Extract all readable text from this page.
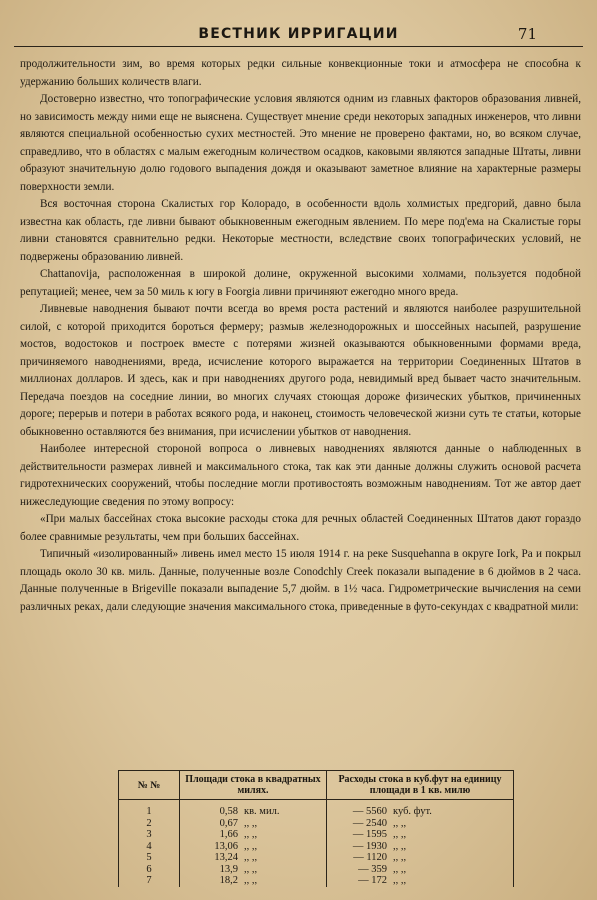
ВЕСТНИК ИРРИГАЦИИ	71

продолжительности зим, во время которых редки сильные конвекционные токи и атмосфера не способна к удержанию больших количеств влаги.

Достоверно известно, что топографические условия являются одним из главных факторов образования ливней, но зависимость между ними еще не выяснена. Существует мнение среди некоторых западных инженеров, что ливни являются специальной особенностью сухих местностей. Это мнение не проверено фактами, но, во всяком случае, справедливо, что в областях с малым ежегодным количеством осадков, каковыми являются западные Штаты, ливни образуют значительную долю годового выпадения дождя и оказывают заметное влияние на характерные размеры поверхности земли.

Вся восточная сторона Скалистых гор Колорадо, в особенности вдоль холмистых предгорий, давно была известна как область, где ливни бывают обыкновенным ежегодным явлением. По мере под'ема на Скалистые горы ливни становятся сравнительно редки. Некоторые местности, вследствие своих топографических условий, не подвержены образованию ливней.

Chattanovija, расположенная в широкой долине, окруженной высокими холмами, пользуется подобной репутацией; менее, чем за 50 миль к югу в Foorgia ливни причиняют ежегодно много вреда.

Ливневые наводнения бывают почти всегда во время роста растений и являются наиболее разрушительной силой, с которой приходится бороться фермеру; размыв железнодорожных и шоссейных насыпей, разрушение мостов, водостоков и построек вместе с потерями жизней оказываются обыкновенными формами вреда, причиняемого наводнениями, вреда, исчисление которого выражается на территории Соединенных Штатов в миллионах долларов. И здесь, как и при наводнениях другого рода, невидимый вред бывает часто значительным. Передача поездов на соседние линии, во многих случаях стоющая дороже физических убытков, причиненных дороге; перерыв и потери в работах всякого рода, и наконец, стоимость человеческой жизни суть те статьи, которые обыкновенно оставляются без внимания, при исчислении убытков от наводнения.

Наиболее интересной стороной вопроса о ливневых наводнениях являются данные о наблюденных в действительности размерах ливней и максимального стока, так как эти данные должны служить основой расчета гидротехнических сооружений, чтобы последние могли противостоять возможным наводнениям. Тот же автор дает нижеследующие сведения по этому вопросу:

«При малых бассейнах стока высокие расходы стока для речных областей Соединенных Штатов дают гораздо более сравнимые результаты, чем при больших бассейнах.

Типичный «изолированный» ливень имел место 15 июля 1914 г. на реке Susquehanna в округе Iork, Pa и покрыл площадь около 30 кв. миль. Данные, полученные возле Conodchly Creek показали выпадение в 6 дюймов в 2 часа. Данные полученные в Brigeville показали выпадение 5,7 дюйм. в 1½ часа. Гидрометрические вычисления на семи различных реках, дали следующие значения максимального стока, приведенные в футо-секундах с квадратной мили:

№ №	Площади стока в квадратных милях.	Расходы стока в куб.фут на единицу площади в 1 кв. милю

1	0,58 кв. мил.	— 5560 куб. фут.
2	0,67 ,, ,,	— 2540 ,, ,,
3	1,66 ,, ,,	— 1595 ,, ,,
4	13,06 ,, ,,	— 1930 ,, ,,
5	13,24 ,, ,,	— 1120 ,, ,,
6	13,9 ,, ,,	— 359 ,, ,,
7	18,2 ,, ,,	— 172 ,, ,,
